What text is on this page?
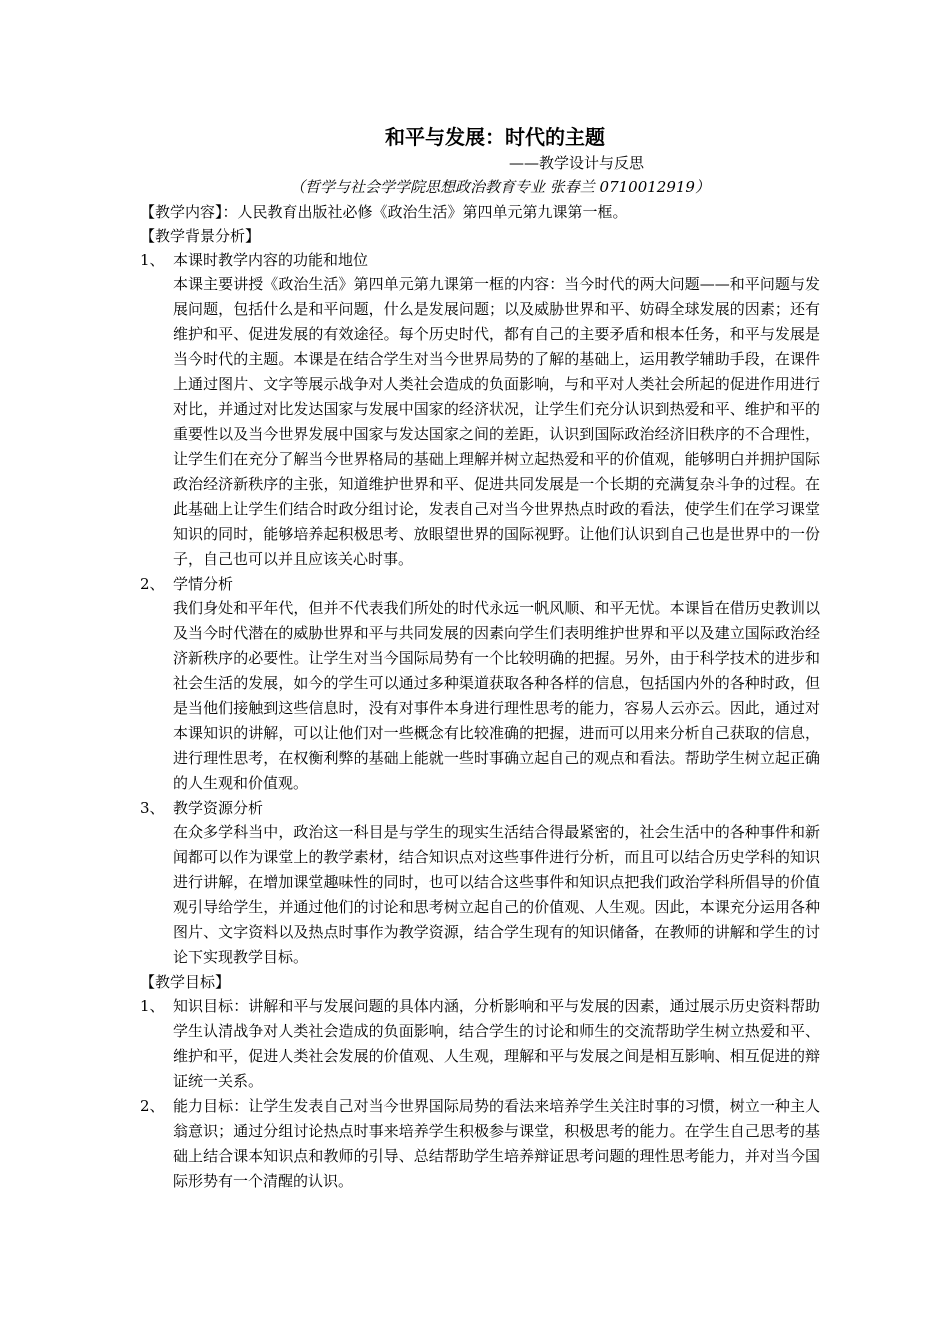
和平与发展：时代的主题
——教学设计与反思
（哲学与社会学学院思想政治教育专业 张春兰 0710012919）
【教学内容】：人民教育出版社必修《政治生活》第四单元第九课第一框。
【教学背景分析】
1、 本课时教学内容的功能和地位
本课主要讲授《政治生活》第四单元第九课第一框的内容：当今时代的两大问题——和平问题与发展问题，包括什么是和平问题，什么是发展问题；以及威胁世界和平、妨碍全球发展的因素；还有维护和平、促进发展的有效途径。每个历史时代，都有自己的主要矛盾和根本任务，和平与发展是当今时代的主题。本课是在结合学生对当今世界局势的了解的基础上，运用教学辅助手段，在课件上通过图片、文字等展示战争对人类社会造成的负面影响，与和平对人类社会所起的促进作用进行对比，并通过对比发达国家与发展中国家的经济状况，让学生们充分认识到热爱和平、维护和平的重要性以及当今世界发展中国家与发达国家之间的差距，认识到国际政治经济旧秩序的不合理性，让学生们在充分了解当今世界格局的基础上理解并树立起热爱和平的价值观，能够明白并拥护国际政治经济新秩序的主张，知道维护世界和平、促进共同发展是一个长期的充满复杂斗争的过程。在此基础上让学生们结合时政分组讨论，发表自己对当今世界热点时政的看法，使学生们在学习课堂知识的同时，能够培养起积极思考、放眼望世界的国际视野。让他们认识到自己也是世界中的一份子，自己也可以并且应该关心时事。
2、 学情分析
我们身处和平年代，但并不代表我们所处的时代永远一帆风顺、和平无忧。本课旨在借历史教训以及当今时代潜在的威胁世界和平与共同发展的因素向学生们表明维护世界和平以及建立国际政治经济新秩序的必要性。让学生对当今国际局势有一个比较明确的把握。另外，由于科学技术的进步和社会生活的发展，如今的学生可以通过多种渠道获取各种各样的信息，包括国内外的各种时政，但是当他们接触到这些信息时，没有对事件本身进行理性思考的能力，容易人云亦云。因此，通过对本课知识的讲解，可以让他们对一些概念有比较准确的把握，进而可以用来分析自己获取的信息，进行理性思考，在权衡利弊的基础上能就一些时事确立起自己的观点和看法。帮助学生树立起正确的人生观和价值观。
3、 教学资源分析
在众多学科当中，政治这一科目是与学生的现实生活结合得最紧密的，社会生活中的各种事件和新闻都可以作为课堂上的教学素材，结合知识点对这些事件进行分析，而且可以结合历史学科的知识进行讲解，在增加课堂趣味性的同时，也可以结合这些事件和知识点把我们政治学科所倡导的价值观引导给学生，并通过他们的讨论和思考树立起自己的价值观、人生观。因此，本课充分运用各种图片、文字资料以及热点时事作为教学资源，结合学生现有的知识储备，在教师的讲解和学生的讨论下实现教学目标。
【教学目标】
1、 知识目标：讲解和平与发展问题的具体内涵，分析影响和平与发展的因素，通过展示历史资料帮助学生认清战争对人类社会造成的负面影响，结合学生的讨论和师生的交流帮助学生树立热爱和平、维护和平，促进人类社会发展的价值观、人生观，理解和平与发展之间是相互影响、相互促进的辩证统一关系。
2、 能力目标：让学生发表自己对当今世界国际局势的看法来培养学生关注时事的习惯，树立一种主人翁意识；通过分组讨论热点时事来培养学生积极参与课堂，积极思考的能力。在学生自己思考的基础上结合课本知识点和教师的引导、总结帮助学生培养辩证思考问题的理性思考能力，并对当今国际形势有一个清醒的认识。
